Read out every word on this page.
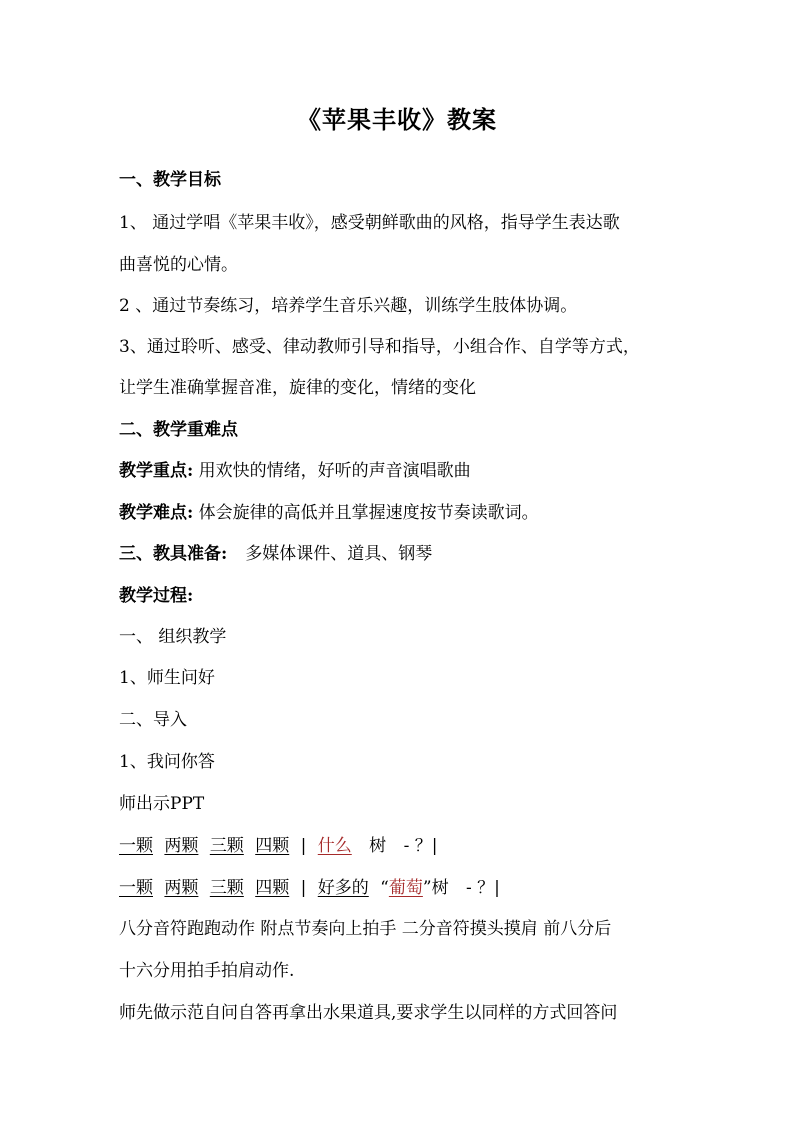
《苹果丰收》教案
一、教学目标
1、 通过学唱《苹果丰收》，感受朝鲜歌曲的风格，指导学生表达歌
曲喜悦的心情。
2 、通过节奏练习，培养学生音乐兴趣，训练学生肢体协调。
3、通过聆听、感受、律动教师引导和指导，小组合作、自学等方式，
让学生准确掌握音准，旋律的变化，情绪的变化
二、教学重难点
教学重点: 用欢快的情绪，好听的声音演唱歌曲
教学难点: 体会旋律的高低并且掌握速度按节奏读歌词。
三、教具准备: 多媒体课件、道具、钢琴
教学过程:
一、 组织教学
1、师生问好
二、导入
1、我问你答
师出示PPT
一颗 两颗 三颗 四颗 | 什么 树 - ？|
一颗 两颗 三颗 四颗 | 好多的 “葡萄”树 - ？|
八分音符跑跑动作 附点节奏向上拍手 二分音符摸头摸肩 前八分后
十六分用拍手拍肩动作.
师先做示范自问自答再拿出水果道具,要求学生以同样的方式回答问
